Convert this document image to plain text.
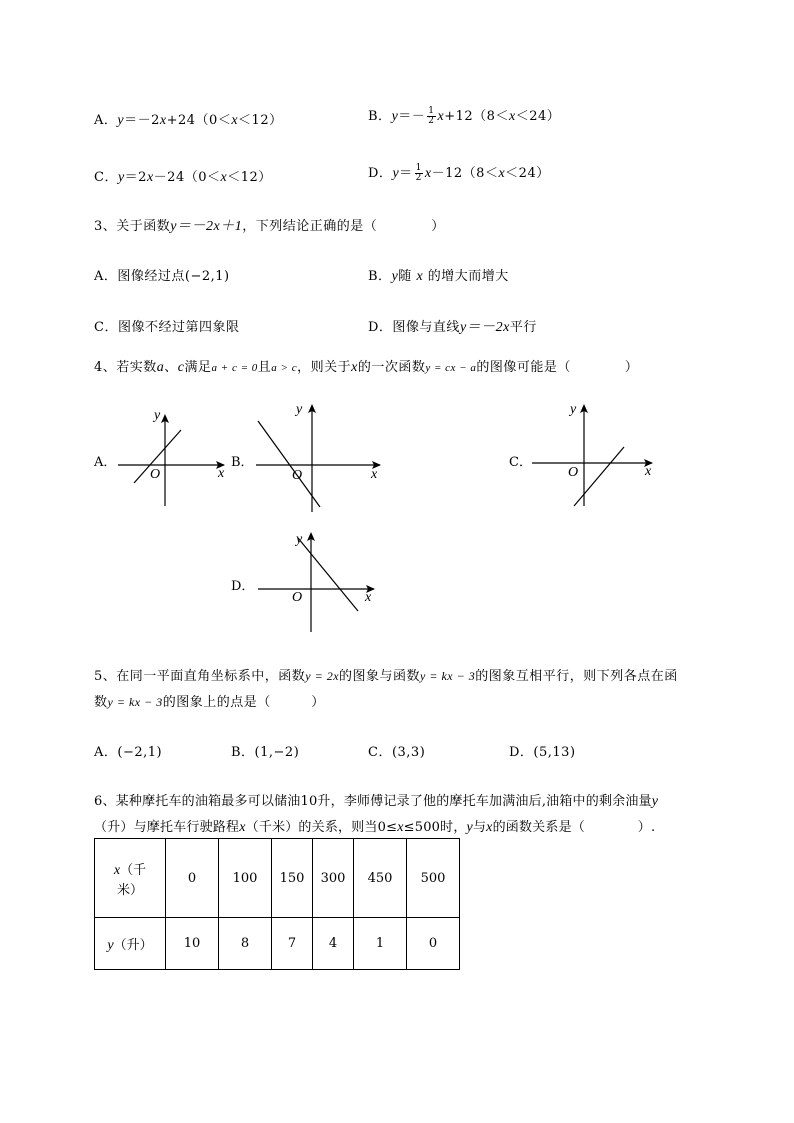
A．y＝－2x+24（0＜x＜12）	B．$y=- \frac{1}{2} x+12(8<x<24)$
C．y＝2x－24（0＜x＜12）	D．$y= \frac{1}{2} x-12(8<x<24)$
3、关于函数y＝－2x＋1，下列结论正确的是（　　　　）
A．图像经过点(−2,1)	B．y随 x 的增大而增大
C．图像不经过第四象限	D．图像与直线y＝－2x平行
4、若实数a、c满足a + c = 0且a > c，则关于x的一次函数y = cx − a的图像可能是（　　　　）
A．
y
O	x
B．
y
O	x
C．
y
O	x
D．
y
O	x
5、在同一平面直角坐标系中，函数y = 2x的图象与函数y = kx − 3的图象互相平行，则下列各点在函
数y = kx − 3的图象上的点是（　　　）
A．(−2,1)	B．(1,−2)	C．(3,3)	D．(5,13)
6、某种摩托车的油箱最多可以储油10升，李师傅记录了他的摩托车加满油后,油箱中的剩余油量y
（升）与摩托车行驶路程x（千米）的关系，则当0≤x≤500时，y与x的函数关系是（　　　　）.
x（千
米）	0	100	150	300	450	500
y（升）	10	8	7	4	1	0
